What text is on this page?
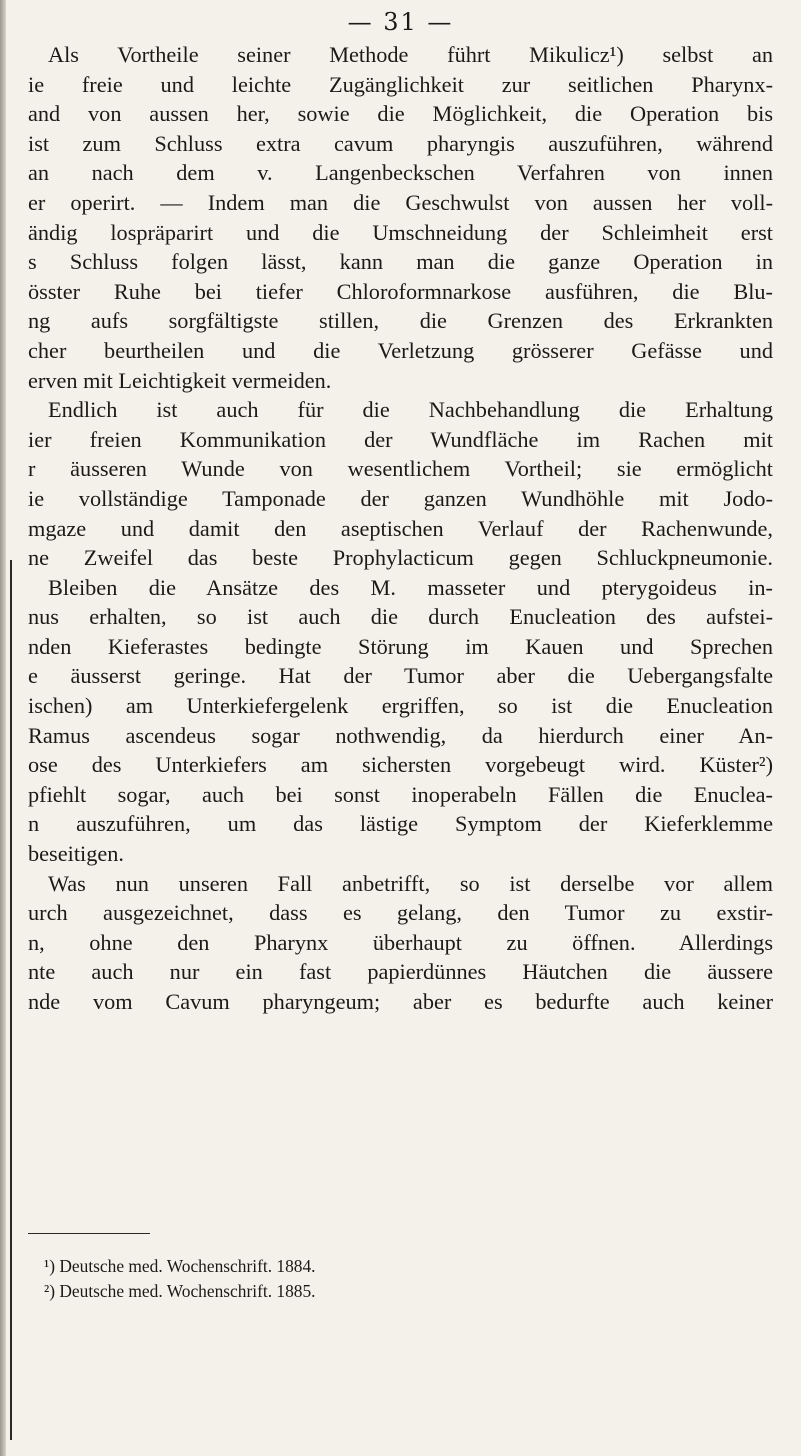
— 31 —
Als Vortheile seiner Methode führt Mikulicz¹) selbst an
ie freie und leichte Zugänglichkeit zur seitlichen Pharynx-
and von aussen her, sowie die Möglichkeit, die Operation bis
ist zum Schluss extra cavum pharyngis auszuführen, während
an nach dem v. Langenbeckschen Verfahren von innen
er operirt. — Indem man die Geschwulst von aussen her voll-
ändig lospräparirt und die Umschneidung der Schleimheit erst
s Schluss folgen lässt, kann man die ganze Operation in
össter Ruhe bei tiefer Chloroformnarkose ausführen, die Blu-
ng aufs sorgfältigste stillen, die Grenzen des Erkrankten
cher beurtheilen und die Verletzung grösserer Gefässe und
erven mit Leichtigkeit vermeiden.
Endlich ist auch für die Nachbehandlung die Erhaltung
ier freien Kommunikation der Wundfläche im Rachen mit
r äusseren Wunde von wesentlichem Vortheil; sie ermöglicht
ie vollständige Tamponade der ganzen Wundhöhle mit Jodo-
mgaze und damit den aseptischen Verlauf der Rachenwunde,
ne Zweifel das beste Prophylacticum gegen Schluckpneumonie.
Bleiben die Ansätze des M. masseter und pterygoideus in-
nus erhalten, so ist auch die durch Enucleation des aufstei-
nden Kieferastes bedingte Störung im Kauen und Sprechen
e äusserst geringe. Hat der Tumor aber die Uebergangsfalte
ischen) am Unterkiefergelenk ergriffen, so ist die Enucleation
Ramus ascendeus sogar nothwendig, da hierdurch einer An-
ose des Unterkiefers am sichersten vorgebeugt wird. Küster²)
pfiehlt sogar, auch bei sonst inoperabeln Fällen die Enuclea-
n auszuführen, um das lästige Symptom der Kieferklemme
beseitigen.
Was nun unseren Fall anbetrifft, so ist derselbe vor allem
urch ausgezeichnet, dass es gelang, den Tumor zu exstir-
n, ohne den Pharynx überhaupt zu öffnen. Allerdings
nte auch nur ein fast papierdünnes Häutchen die äussere
nde vom Cavum pharyngeum; aber es bedurfte auch keiner
¹) Deutsche med. Wochenschrift. 1884.
²) Deutsche med. Wochenschrift. 1885.
